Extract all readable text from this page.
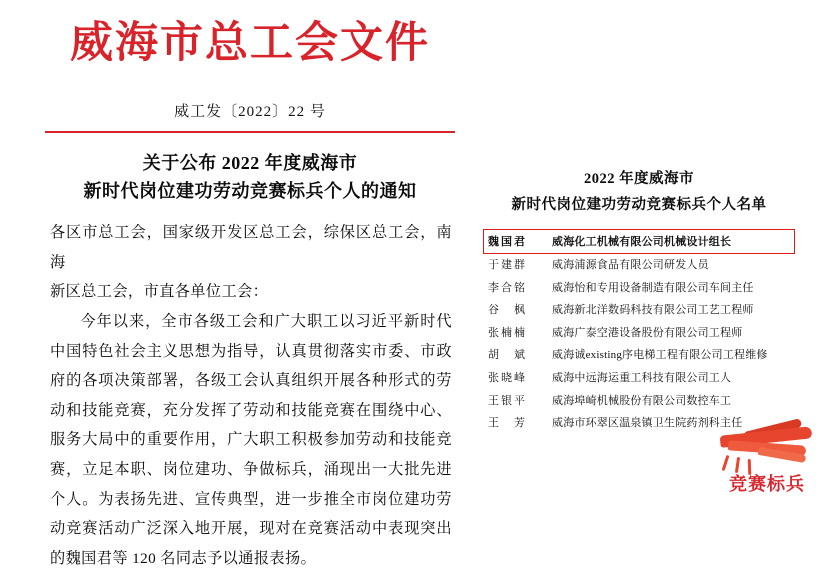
威海市总工会文件
威工发〔2022〕22 号
关于公布 2022 年度威海市
新时代岗位建功劳动竞赛标兵个人的通知

各区市总工会，国家级开发区总工会，综保区总工会，南海

新区总工会，市直各单位工会：

今年以来，全市各级工会和广大职工以习近平新时代中国特色社会主义思想为指导，认真贯彻落实市委、市政府的各项决策部署，各级工会认真组织开展各种形式的劳动和技能竞赛，充分发挥了劳动和技能竞赛在围绕中心、服务大局中的重要作用，广大职工积极参加劳动和技能竞赛，立足本职、岗位建功、争做标兵，涌现出一大批先进个人。为表扬先进、宣传典型，进一步推全市岗位建功劳动竞赛活动广泛深入地开展，现对在竞赛活动中表现突出的魏国君等 120 名同志予以通报表扬。

2022 年度威海市
新时代岗位建功劳动竞赛标兵个人名单
魏国君	威海化工机械有限公司机械设计组长
于建群	威海浦源食品有限公司研发人员
李合铭	威海怡和专用设备制造有限公司车间主任
谷　枫	威海新北洋数码科技有限公司工艺工程师
张楠楠	威海广泰空港设备股份有限公司工程师
胡　斌	威海诚existing序电梯工程有限公司工程维修
张晓峰	威海中远海运重工科技有限公司工人
王银平	威海埠崎机械股份有限公司数控车工
王　芳	威海市环翠区温泉镇卫生院药剂科主任
竞赛标兵
